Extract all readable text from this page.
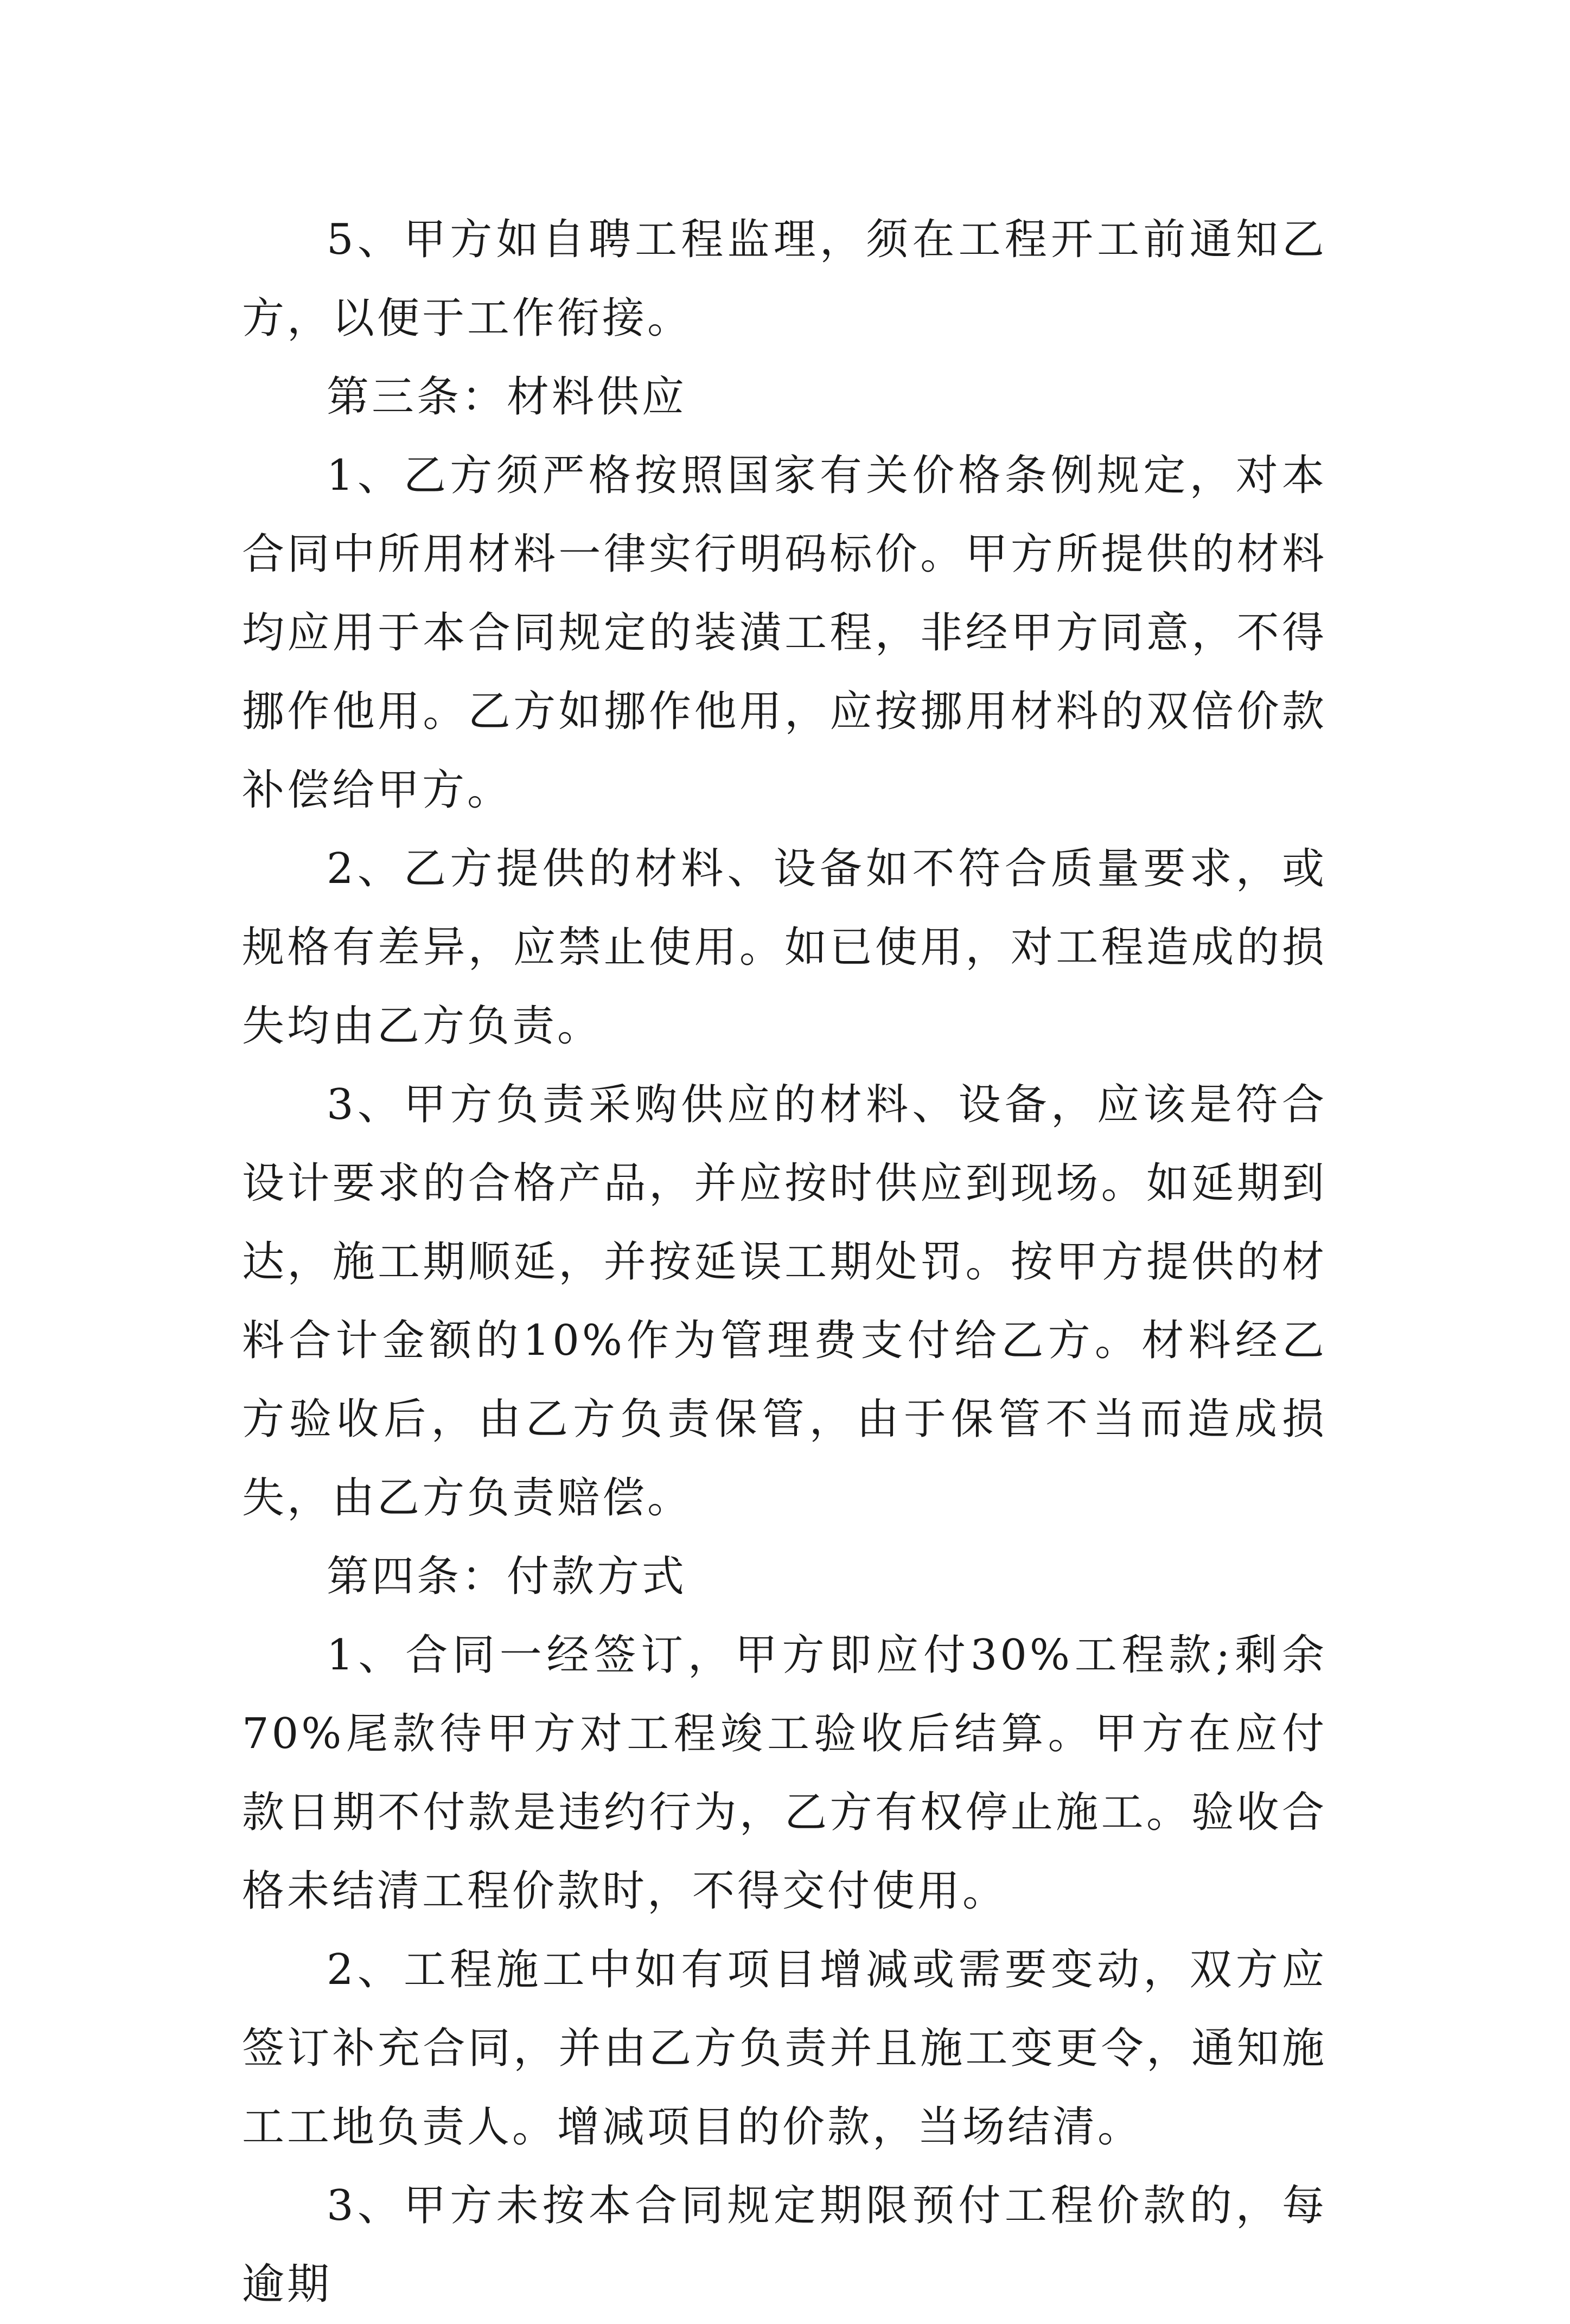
5、甲方如自聘工程监理，须在工程开工前通知乙方，以便于工作衔接。

第三条：材料供应

1、乙方须严格按照国家有关价格条例规定，对本合同中所用材料一律实行明码标价。甲方所提供的材料均应用于本合同规定的装潢工程，非经甲方同意，不得挪作他用。乙方如挪作他用，应按挪用材料的双倍价款补偿给甲方。

2、乙方提供的材料、设备如不符合质量要求，或规格有差异，应禁止使用。如已使用，对工程造成的损失均由乙方负责。

3、甲方负责采购供应的材料、设备，应该是符合设计要求的合格产品，并应按时供应到现场。如延期到达，施工期顺延，并按延误工期处罚。按甲方提供的材料合计金额的10%作为管理费支付给乙方。材料经乙方验收后，由乙方负责保管，由于保管不当而造成损失，由乙方负责赔偿。

第四条：付款方式

1、合同一经签订，甲方即应付30%工程款;剩余70%尾款待甲方对工程竣工验收后结算。甲方在应付款日期不付款是违约行为，乙方有权停止施工。验收合格未结清工程价款时，不得交付使用。

2、工程施工中如有项目增减或需要变动，双方应签订补充合同，并由乙方负责并且施工变更令，通知施工工地负责人。增减项目的价款，当场结清。

3、甲方未按本合同规定期限预付工程价款的，每逾期
